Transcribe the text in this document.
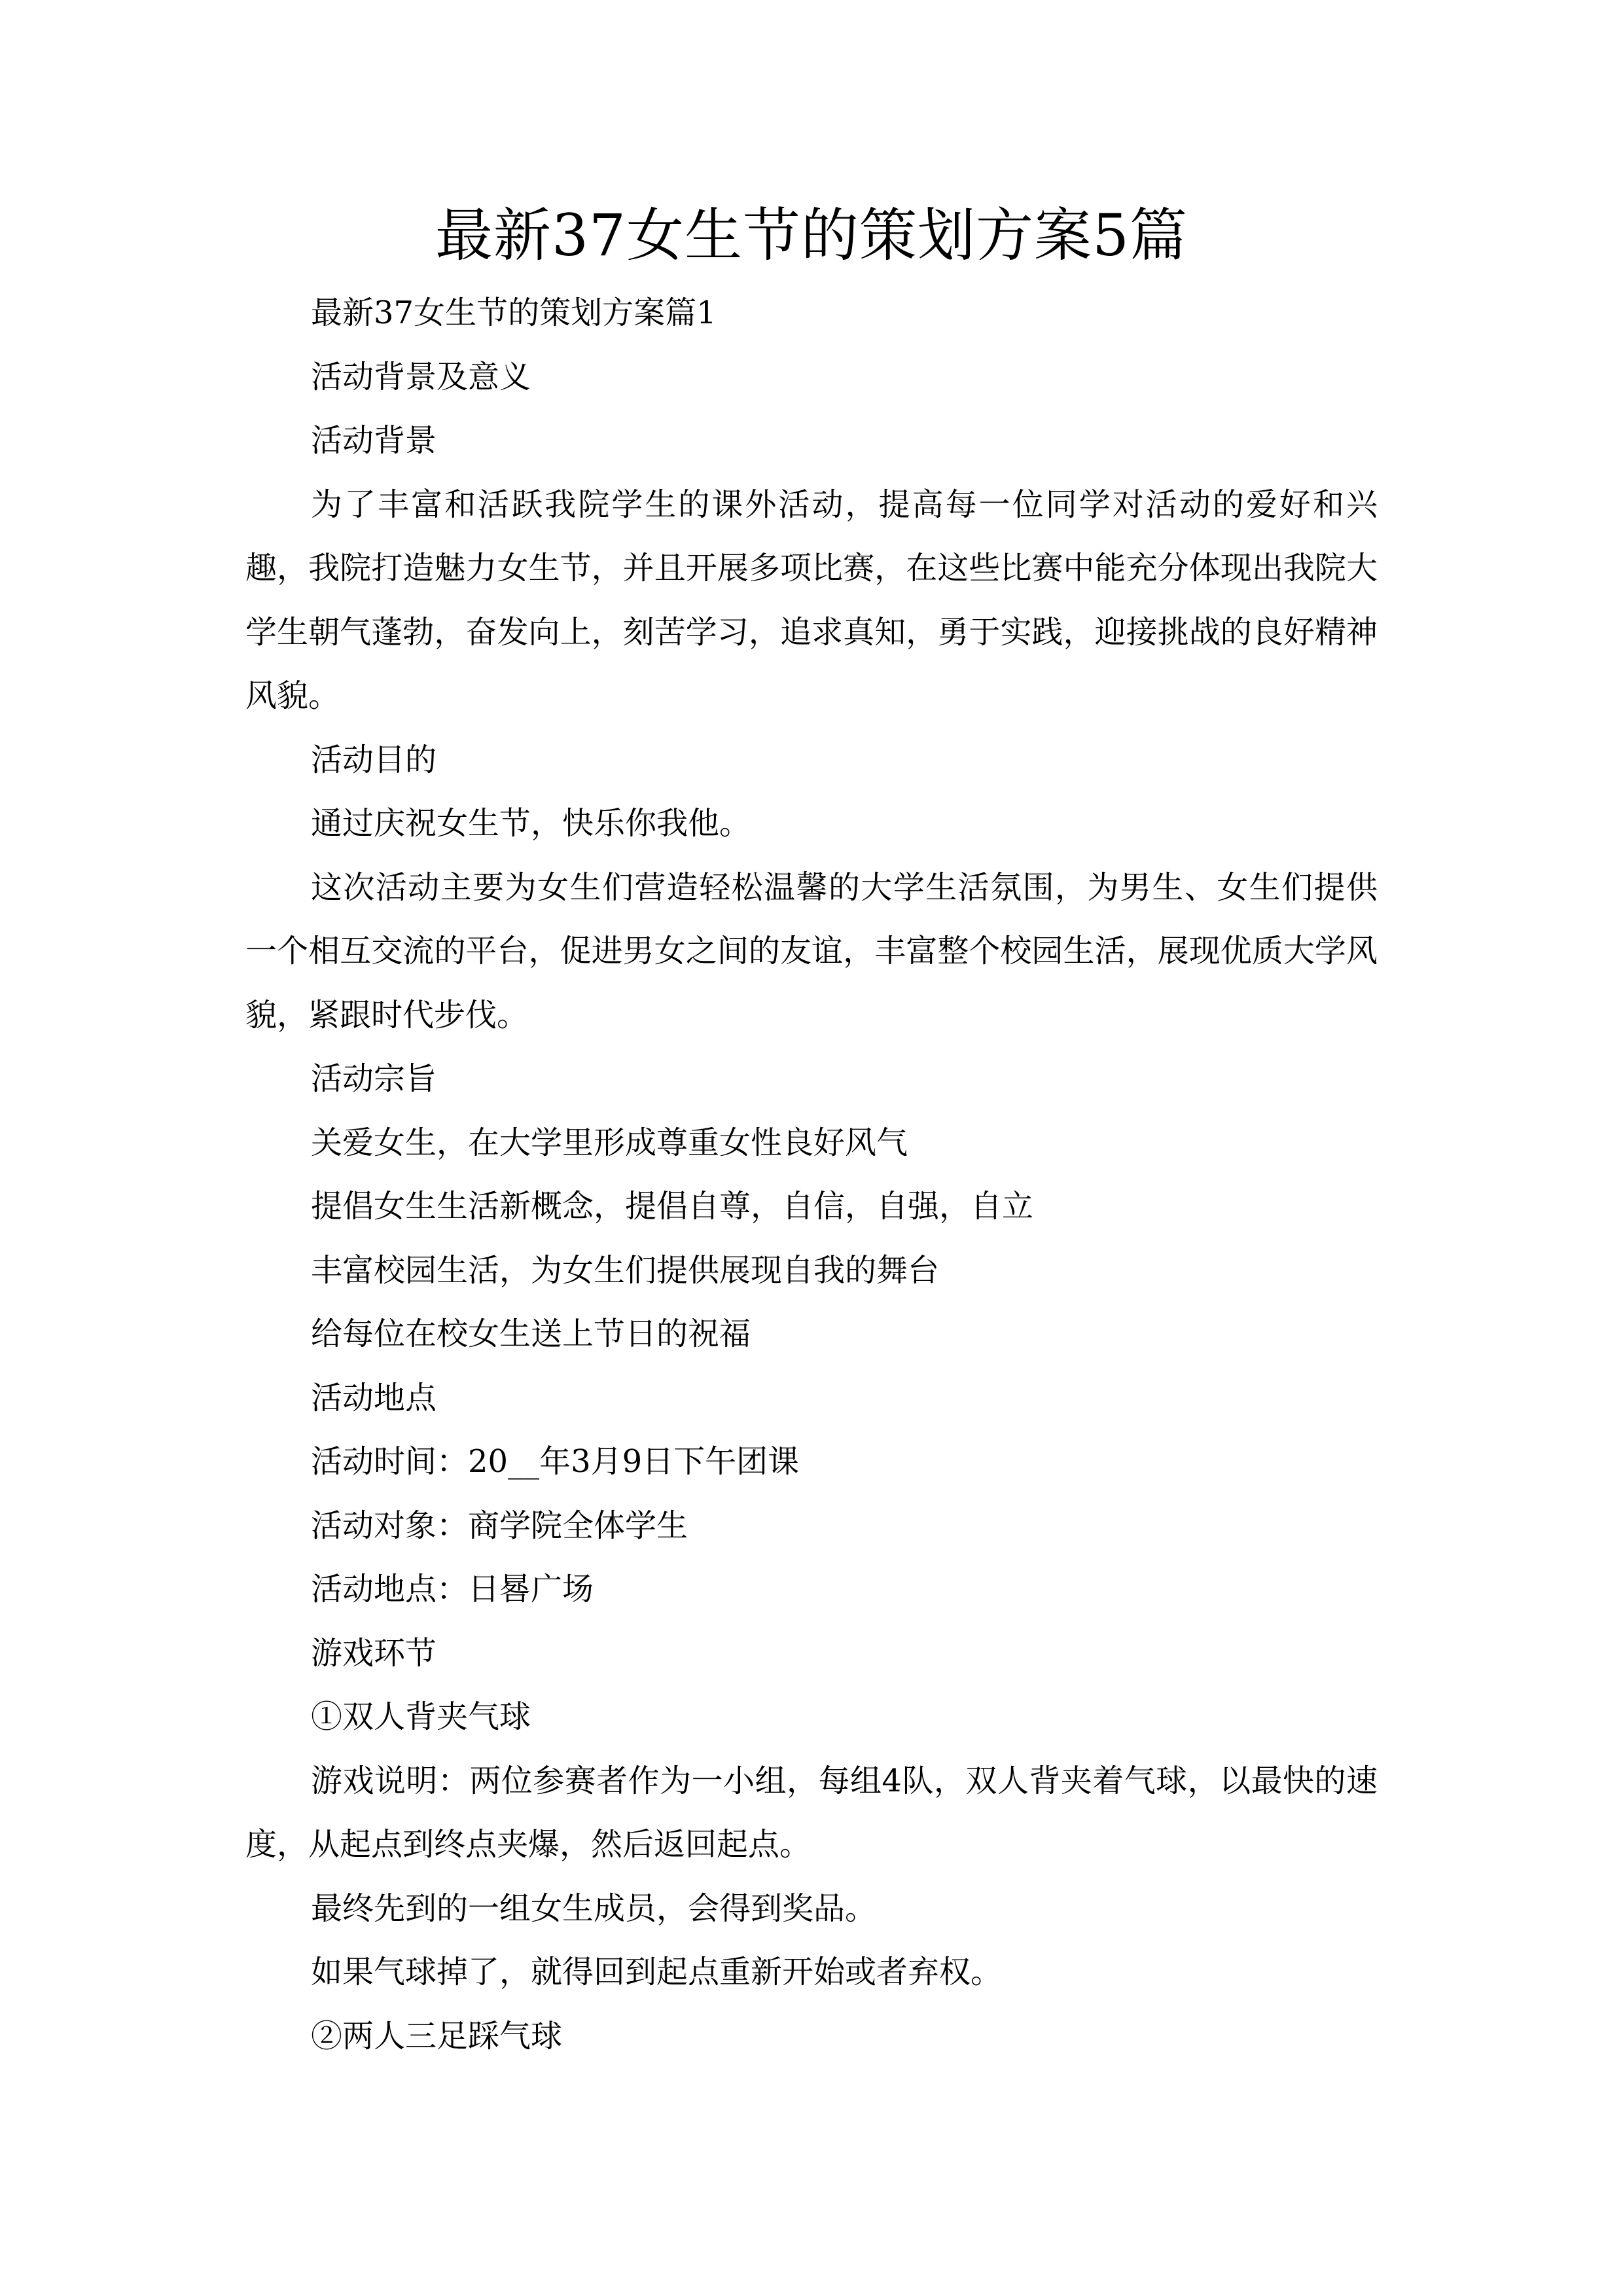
最新37女生节的策划方案5篇

最新37女生节的策划方案篇1

活动背景及意义

活动背景

为了丰富和活跃我院学生的课外活动，提高每一位同学对活动的爱好和兴趣，我院打造魅力女生节，并且开展多项比赛，在这些比赛中能充分体现出我院大学生朝气蓬勃，奋发向上，刻苦学习，追求真知，勇于实践，迎接挑战的良好精神风貌。

活动目的

通过庆祝女生节，快乐你我他。

这次活动主要为女生们营造轻松温馨的大学生活氛围，为男生、女生们提供一个相互交流的平台，促进男女之间的友谊，丰富整个校园生活，展现优质大学风貌，紧跟时代步伐。

活动宗旨

关爱女生，在大学里形成尊重女性良好风气

提倡女生生活新概念，提倡自尊，自信，自强，自立

丰富校园生活，为女生们提供展现自我的舞台

给每位在校女生送上节日的祝福

活动地点

活动时间：20__年3月9日下午团课

活动对象：商学院全体学生

活动地点：日晷广场

游戏环节

①双人背夹气球

游戏说明：两位参赛者作为一小组，每组4队，双人背夹着气球，以最快的速度，从起点到终点夹爆，然后返回起点。

最终先到的一组女生成员，会得到奖品。

如果气球掉了，就得回到起点重新开始或者弃权。

②两人三足踩气球
